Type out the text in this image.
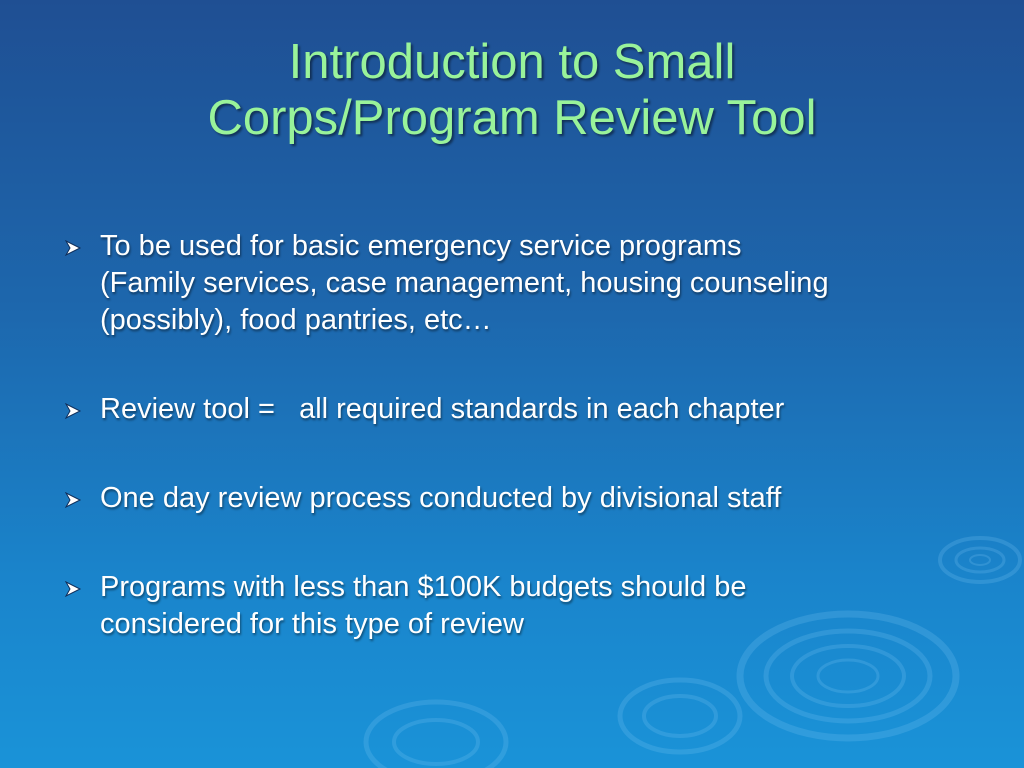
Introduction to Small
Corps/Program Review Tool
To be used for basic emergency service programs
(Family services, case management, housing counseling
(possibly), food pantries, etc…
Review tool =   all required standards in each chapter
One day review process conducted by divisional staff
Programs with less than $100K budgets should be
considered for this type of review
